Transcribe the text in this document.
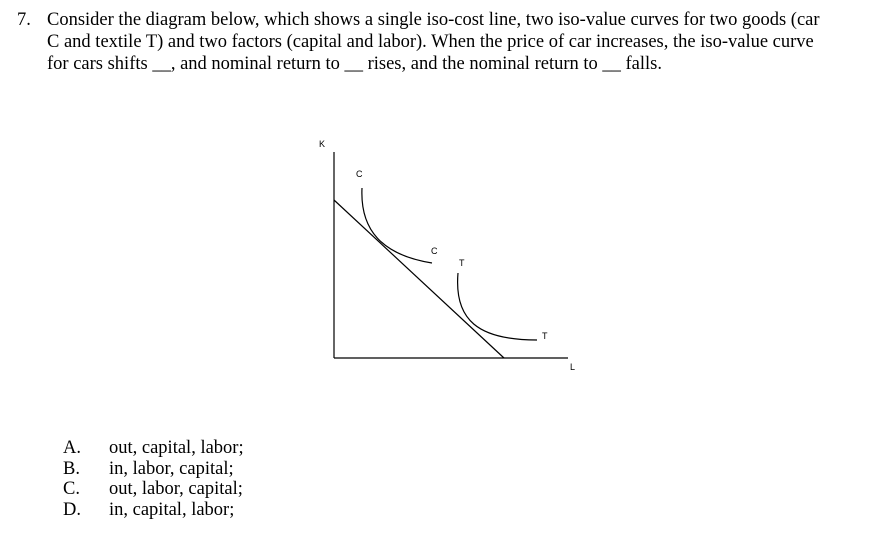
7. Consider the diagram below, which shows a single iso-cost line, two iso-value curves for two goods (car
C and textile T) and two factors (capital and labor). When the price of car increases, the iso-value curve
for cars shifts __, and nominal return to __ rises, and the nominal return to __ falls.
K
L
C
C
T
T
A.	out, capital, labor;
B.	in, labor, capital;
C.	out, labor, capital;
D.	in, capital, labor;
